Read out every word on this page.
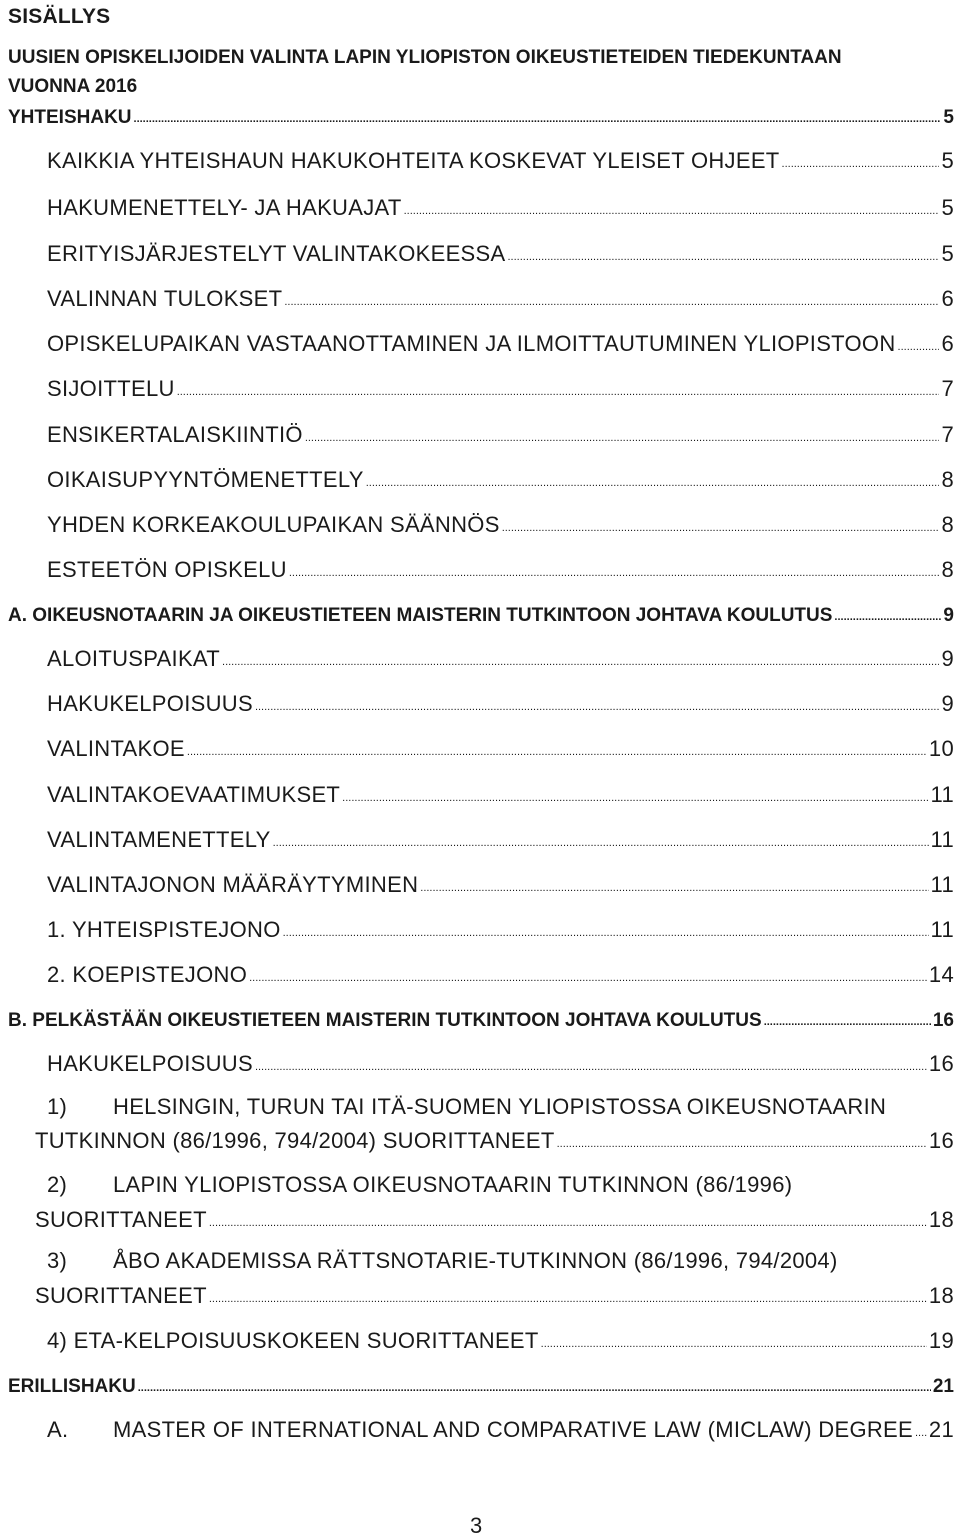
SISÄLLYS
UUSIEN OPISKELIJOIDEN VALINTA LAPIN YLIOPISTON OIKEUSTIETEIDEN TIEDEKUNTAAN
VUONNA 2016
YHTEISHAKU .....	5
KAIKKIA YHTEISHAUN HAKUKOHTEITA KOSKEVAT YLEISET OHJEET .....	5
HAKUMENETTELY- JA HAKUAJAT .....	5
ERITYISJÄRJESTELYT VALINTAKOKEESSA .....	5
VALINNAN TULOKSET .....	6
OPISKELUPAIKAN VASTAANOTTAMINEN JA ILMOITTAUTUMINEN YLIOPISTOON ..... 6
SIJOITTELU .....	7
ENSIKERTALAISKIINTIÖ .....	7
OIKAISUPYYNTÖMENETTELY .....	8
YHDEN KORKEAKOULUPAIKAN SÄÄNNÖS .....	8
ESTEETÖN OPISKELU .....	8
A. OIKEUSNOTAARIN JA OIKEUSTIETEEN MAISTERIN TUTKINTOON JOHTAVA KOULUTUS .....	9
ALOITUSPAIKAT .....	9
HAKUKELPOISUUS .....	9
VALINTAKOE .....	10
VALINTAKOEVAATIMUKSET .....	11
VALINTAMENETTELY .....	11
VALINTAJONON MÄÄRÄYTYMINEN .....	11
1. YHTEISPISTEJONO .....	11
2. KOEPISTEJONO .....	14
B. PELKÄSTÄÄN OIKEUSTIETEEN MAISTERIN TUTKINTOON JOHTAVA KOULUTUS .....	16
HAKUKELPOISUUS .....	16
1) HELSINGIN, TURUN TAI ITÄ-SUOMEN YLIOPISTOSSA OIKEUSNOTAARIN
TUTKINNON (86/1996, 794/2004) SUORITTANEET .....	16
2) LAPIN YLIOPISTOSSA OIKEUSNOTAARIN TUTKINNON (86/1996)
SUORITTANEET .....	18
3) ÅBO AKADEMISSA RÄTTSNOTARIE-TUTKINNON (86/1996, 794/2004)
SUORITTANEET .....	18
4) ETA-KELPOISUUSKOKEEN SUORITTANEET .....	19
ERILLISHAKU .....	21
A.	MASTER OF INTERNATIONAL AND COMPARATIVE LAW (MICLAW) DEGREE ..... 21
3
